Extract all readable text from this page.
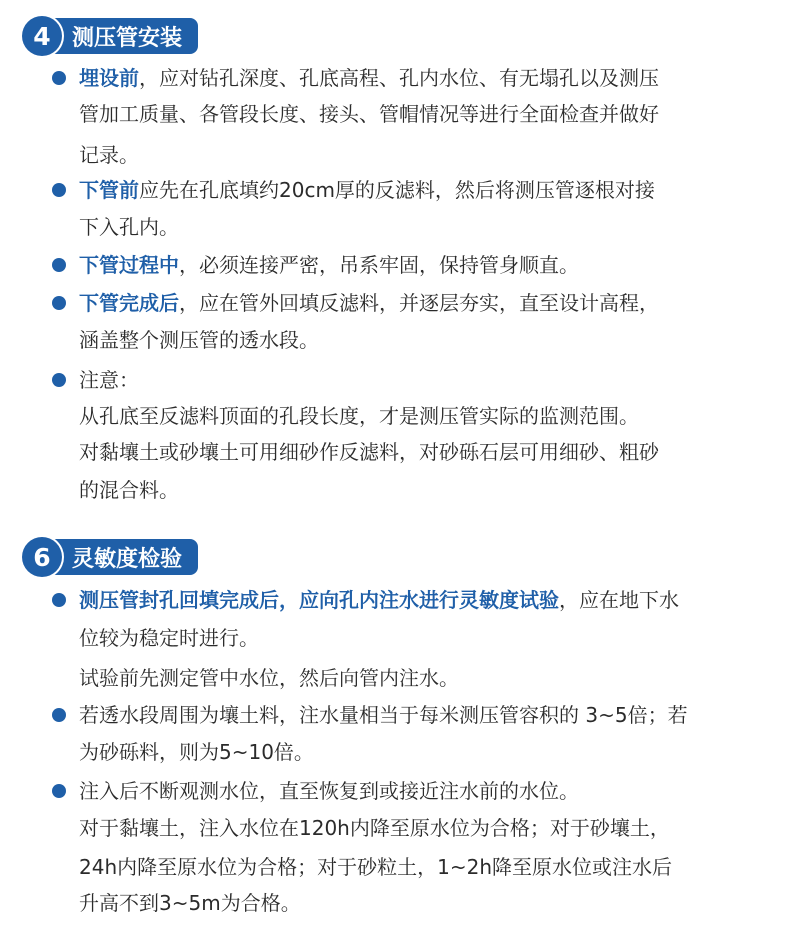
4 测压管安装
埋设前，应对钻孔深度、孔底高程、孔内水位、有无塌孔以及测压
管加工质量、各管段长度、接头、管帽情况等进行全面检查并做好
记录。
下管前应先在孔底填约20cm厚的反滤料，然后将测压管逐根对接
下入孔内。
下管过程中，必须连接严密，吊系牢固，保持管身顺直。
下管完成后，应在管外回填反滤料，并逐层夯实，直至设计高程，
涵盖整个测压管的透水段。
注意：
从孔底至反滤料顶面的孔段长度，才是测压管实际的监测范围。
对黏壤土或砂壤土可用细砂作反滤料，对砂砾石层可用细砂、粗砂
的混合料。
6 灵敏度检验
测压管封孔回填完成后，应向孔内注水进行灵敏度试验，应在地下水
位较为稳定时进行。
试验前先测定管中水位，然后向管内注水。
若透水段周围为壤土料，注水量相当于每米测压管容积的 3~5倍；若
为砂砾料，则为5~10倍。
注入后不断观测水位，直至恢复到或接近注水前的水位。
对于黏壤土，注入水位在120h内降至原水位为合格；对于砂壤土，
24h内降至原水位为合格；对于砂粒土，1~2h降至原水位或注水后
升高不到3~5m为合格。
